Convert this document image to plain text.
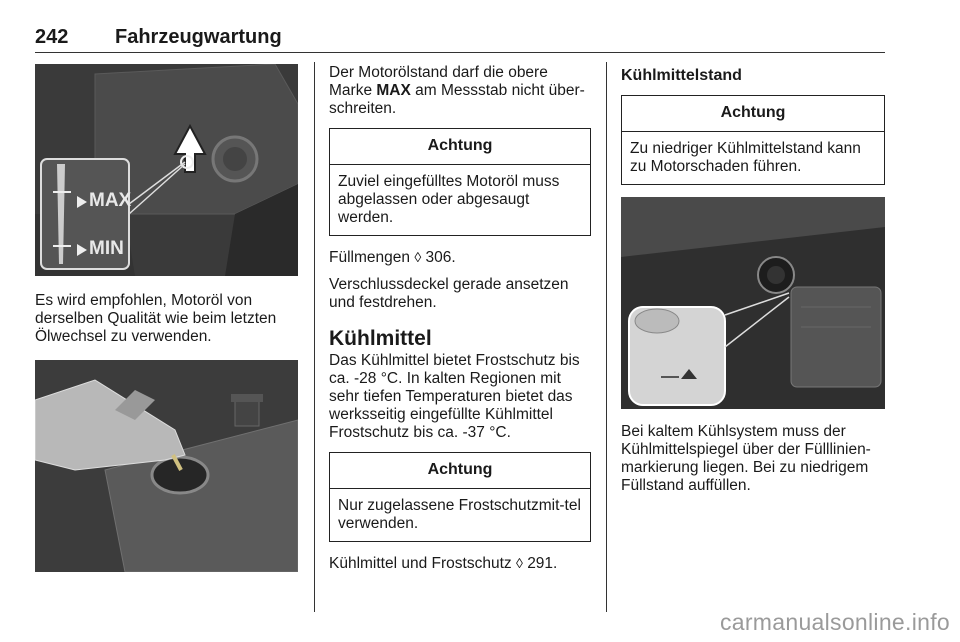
242 Fahrzeugwartung
MAX
MIN

Es wird empfohlen, Motoröl von derselben Qualität wie beim letzten Ölwechsel zu verwenden.

Der Motorölstand darf die obere Marke MAX am Messstab nicht über-schreiten.

Achtung
Zuviel eingefülltes Motoröl muss abgelassen oder abgesaugt werden.

Füllmengen ◊ 306.

Verschlussdeckel gerade ansetzen und festdrehen.

Kühlmittel

Das Kühlmittel bietet Frostschutz bis ca. -28 °C. In kalten Regionen mit sehr tiefen Temperaturen bietet das werksseitig eingefüllte Kühlmittel Frostschutz bis ca. -37 °C.

Achtung
Nur zugelassene Frostschutzmit-tel verwenden.

Kühlmittel und Frostschutz ◊ 291.

Kühlmittelstand
Achtung
Zu niedriger Kühlmittelstand kann zu Motorschaden führen.

Bei kaltem Kühlsystem muss der Kühlmittelspiegel über der Fülllinien-markierung liegen. Bei zu niedrigem Füllstand auffüllen.

carmanualsonline.info
